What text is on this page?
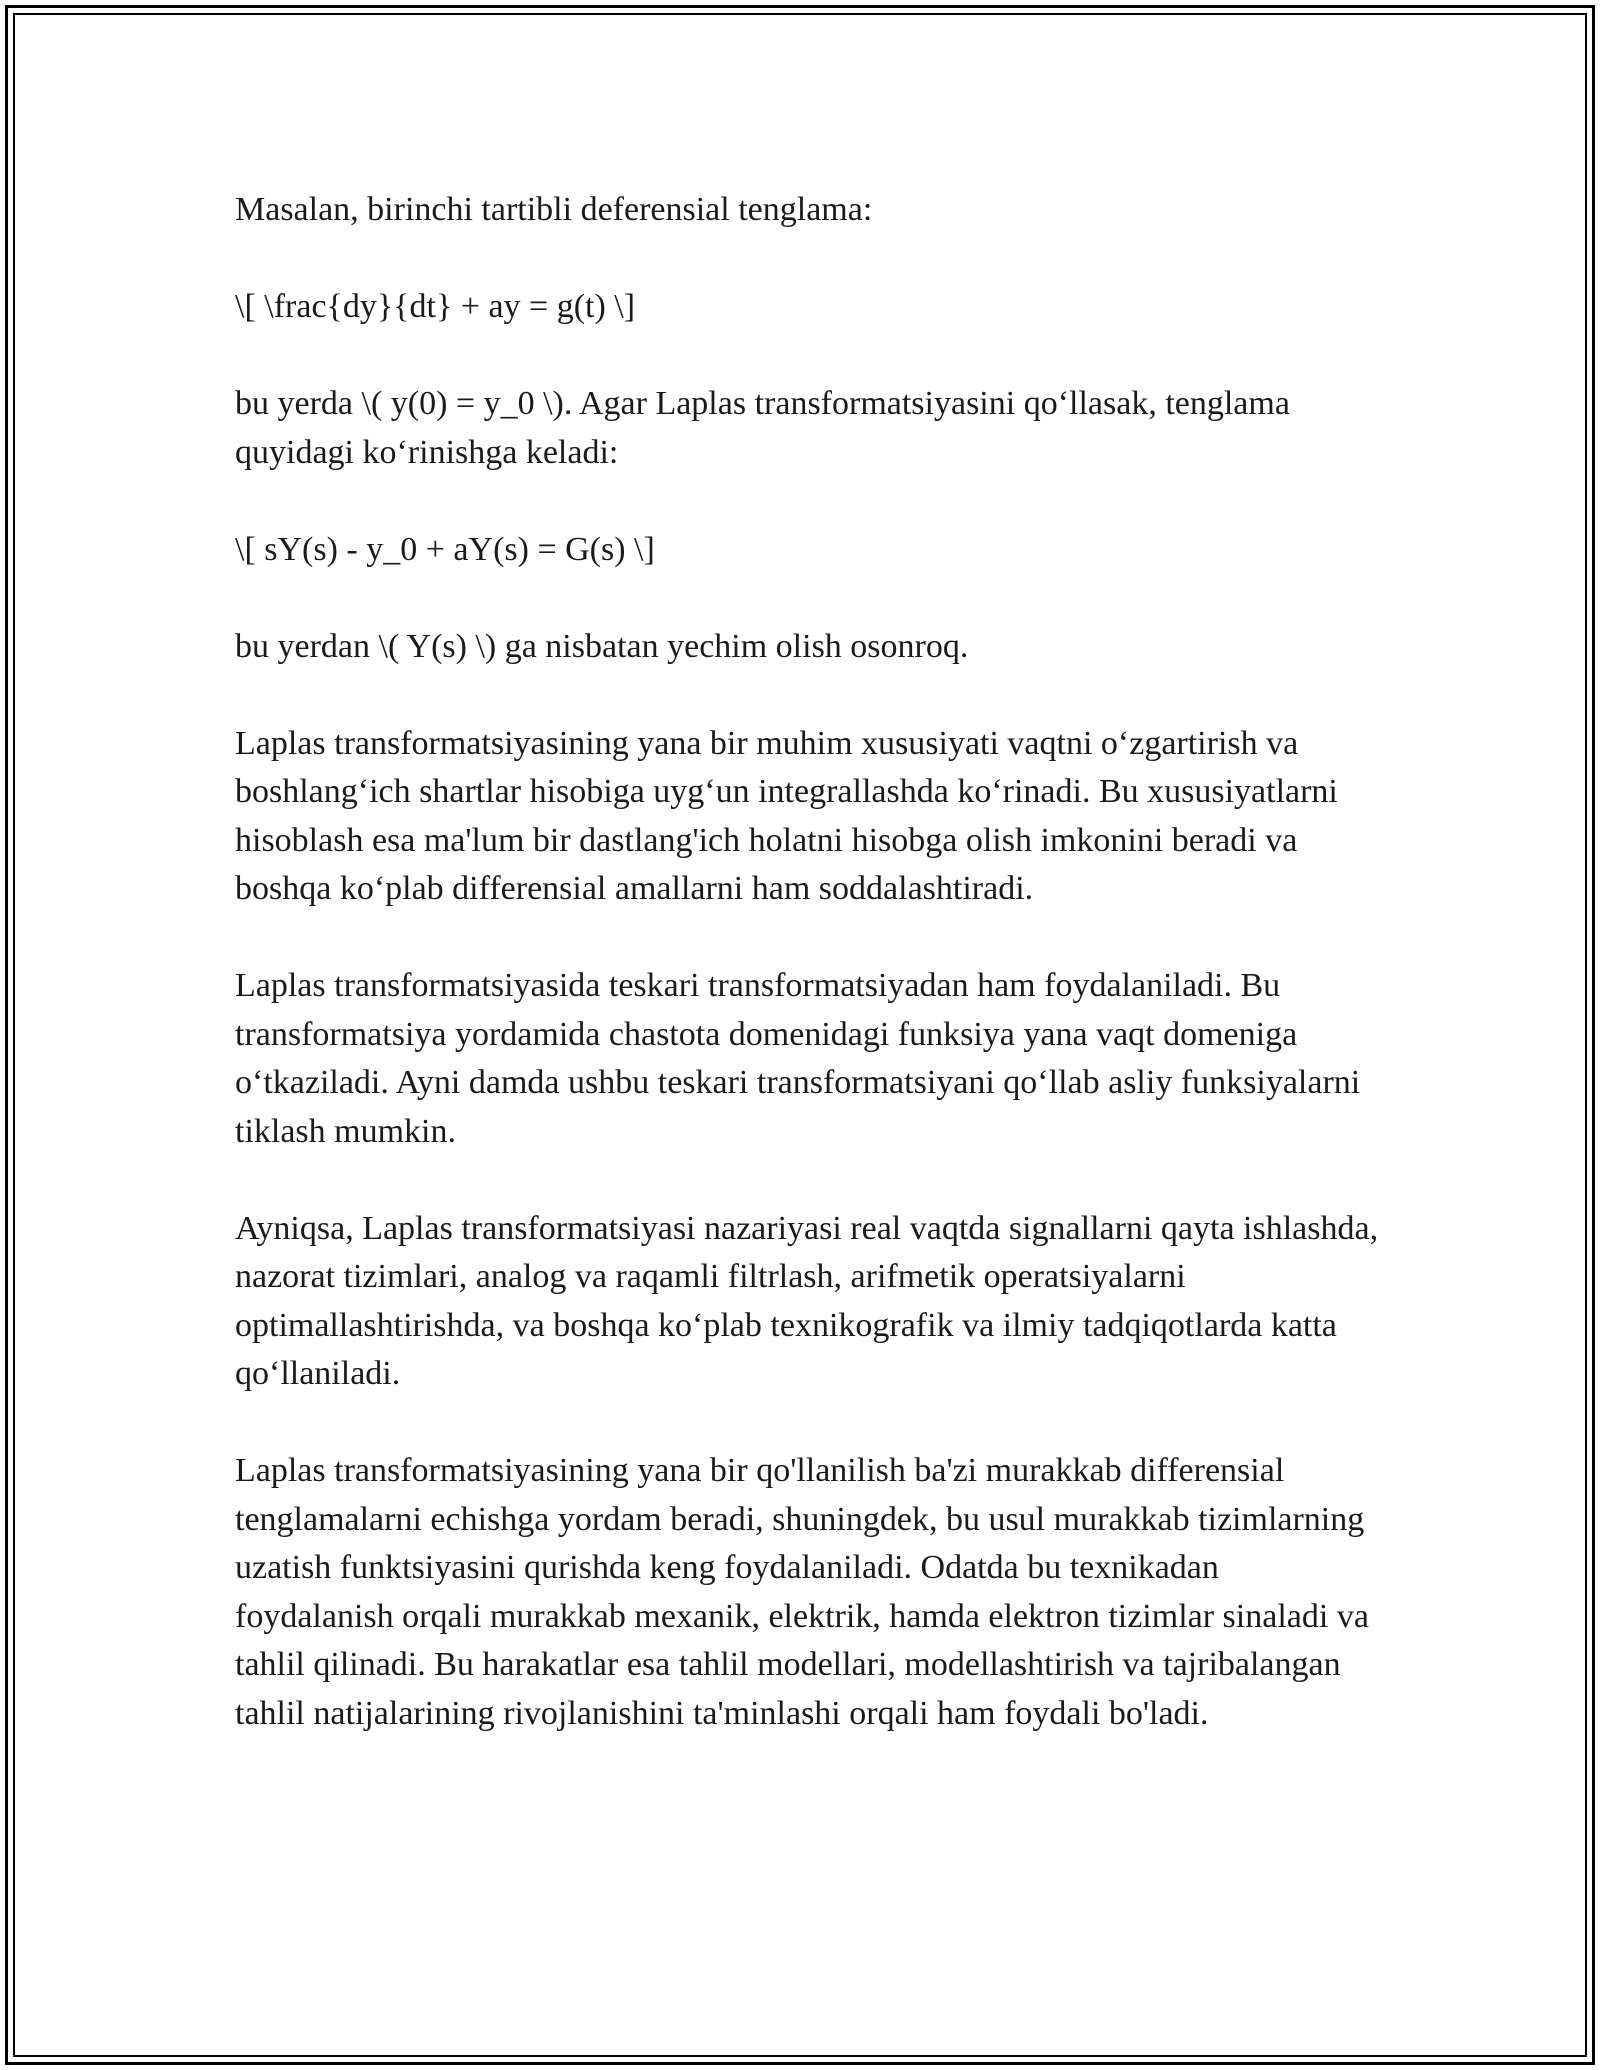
Masalan, birinchi tartibli deferensial tenglama:

\[ \frac{dy}{dt} + ay = g(t) \]

bu yerda \( y(0) = y_0 \). Agar Laplas transformatsiyasini qo‘llasak, tenglama quyidagi ko‘rinishga keladi:

\[ sY(s) - y_0 + aY(s) = G(s) \]

bu yerdan \( Y(s) \) ga nisbatan yechim olish osonroq.

Laplas transformatsiyasining yana bir muhim xususiyati vaqtni o‘zgartirish va boshlang‘ich shartlar hisobiga uyg‘un integrallashda ko‘rinadi. Bu xususiyatlarni hisoblash esa ma'lum bir dastlang'ich holatni hisobga olish imkonini beradi va boshqa ko‘plab differensial amallarni ham soddalashtiradi.

Laplas transformatsiyasida teskari transformatsiyadan ham foydalaniladi. Bu transformatsiya yordamida chastota domenidagi funksiya yana vaqt domeniga o‘tkaziladi. Ayni damda ushbu teskari transformatsiyani qo‘llab asliy funksiyalarni tiklash mumkin.

Ayniqsa, Laplas transformatsiyasi nazariyasi real vaqtda signallarni qayta ishlashda, nazorat tizimlari, analog va raqamli filtrlash, arifmetik operatsiyalarni optimallashtirishda, va boshqa ko‘plab texnikografik va ilmiy tadqiqotlarda katta qo‘llaniladi.

Laplas transformatsiyasining yana bir qo'llanilish ba'zi murakkab differensial tenglamalarni echishga yordam beradi, shuningdek, bu usul murakkab tizimlarning uzatish funktsiyasini qurishda keng foydalaniladi. Odatda bu texnikadan foydalanish orqali murakkab mexanik, elektrik, hamda elektron tizimlar sinaladi va tahlil qilinadi. Bu harakatlar esa tahlil modellari, modellashtirish va tajribalangan tahlil natijalarining rivojlanishini ta'minlashi orqali ham foydali bo'ladi.
